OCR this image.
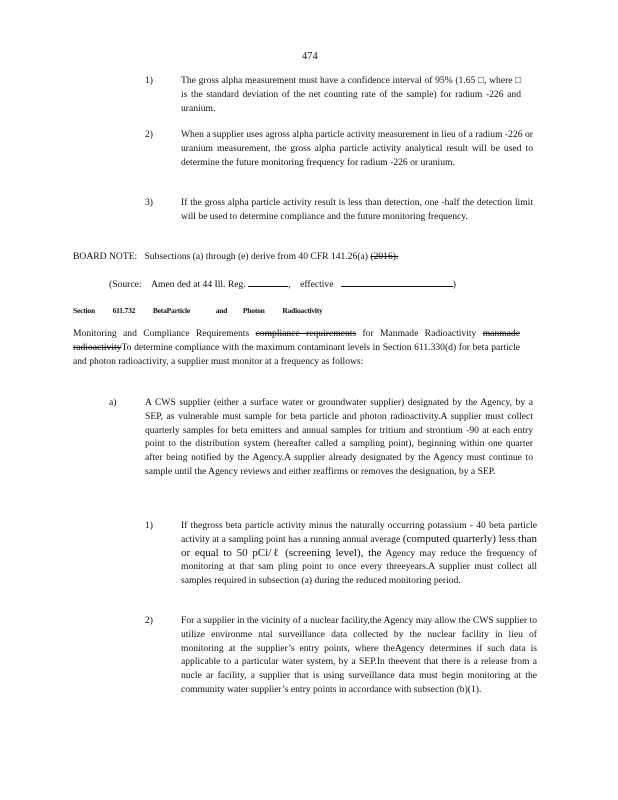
474
1)	The gross alpha measurement must have a confidence interval of 95% (1.65 □, where □ is the standard deviation of the net counting rate of the sample) for radium -226 and uranium.
2)	When a supplier uses agross alpha particle activity measurement in lieu of a radium -226 or uranium measurement, the gross alpha particle activity analytical result will be used to determine the future monitoring frequency for radium -226 or uranium.
3)	If the gross alpha particle activity result is less than detection, one -half the detection limit will be used to determine compliance and the future monitoring frequency.
BOARD NOTE: Subsections (a) through (e) derive from 40 CFR 141.26(a) (2016).
(Source: Amen ded at 44 Ill. Reg.	, effective	)
Section 611.732 BetaParticle	and Photon Radioactivity
Monitoring and Compliance Requirements compliance requirements for Manmade Radioactivity manmade radioactivityTo determine compliance with the maximum contaminant levels in Section 611.330(d) for beta particle and photon radioactivity, a supplier must monitor at a frequency as follows:
a)	A CWS supplier (either a surface water or groundwater supplier) designated by the Agency, by a SEP, as vulnerable must sample for beta particle and photon radioactivity.A supplier must collect quarterly samples for beta emitters and annual samples for tritium and strontium -90 at each entry point to the distribution system (hereafter called a sampling point), beginning within one quarter after being notified by the Agency.A supplier already designated by the Agency must continue to sample until the Agency reviews and either reaffirms or removes the designation, by a SEP.
1)	If thegross beta particle activity minus the naturally occurring potassium - 40 beta particle activity at a sampling point has a running annual average (computed quarterly) less than or equal to 50 pCi/ℓ (screening level), the Agency may reduce the frequency of monitoring at that sam pling point to once every threeyears.A supplier must collect all samples required in subsection (a) during the reduced monitoring period.
2)	For a supplier in the vicinity of a nuclear facility,the Agency may allow the CWS supplier to utilize environme ntal surveillance data collected by the nuclear facility in lieu of monitoring at the supplier’s entry points, where theAgency determines if such data is applicable to a particular water system, by a SEP.In theevent that there is a release from a nucle ar facility, a supplier that is using surveillance data must begin monitoring at the community water supplier’s entry points in accordance with subsection (b)(1).
